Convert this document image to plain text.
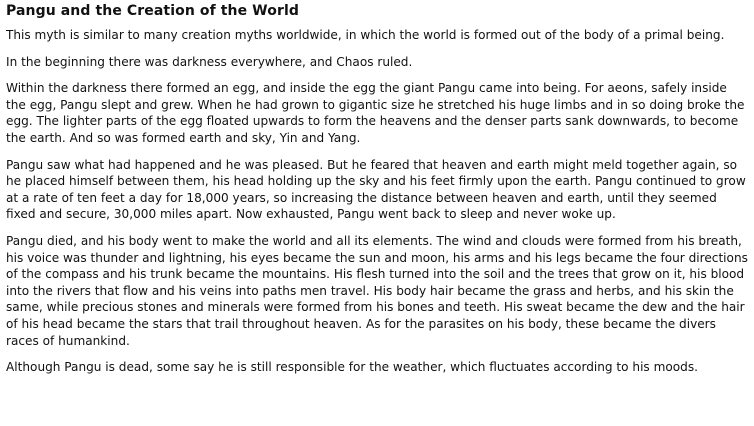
Pangu and the Creation of the World

This myth is similar to many creation myths worldwide, in which the world is formed out of the body of a primal being.

In the beginning there was darkness everywhere, and Chaos ruled.

Within the darkness there formed an egg, and inside the egg the giant Pangu came into being. For aeons, safely inside the egg, Pangu slept and grew. When he had grown to gigantic size he stretched his huge limbs and in so doing broke the egg. The lighter parts of the egg floated upwards to form the heavens and the denser parts sank downwards, to become the earth. And so was formed earth and sky, Yin and Yang.

Pangu saw what had happened and he was pleased. But he feared that heaven and earth might meld together again, so he placed himself between them, his head holding up the sky and his feet firmly upon the earth. Pangu continued to grow at a rate of ten feet a day for 18,000 years, so increasing the distance between heaven and earth, until they seemed fixed and secure, 30,000 miles apart. Now exhausted, Pangu went back to sleep and never woke up.

Pangu died, and his body went to make the world and all its elements. The wind and clouds were formed from his breath, his voice was thunder and lightning, his eyes became the sun and moon, his arms and his legs became the four directions of the compass and his trunk became the mountains. His flesh turned into the soil and the trees that grow on it, his blood into the rivers that flow and his veins into paths men travel. His body hair became the grass and herbs, and his skin the same, while precious stones and minerals were formed from his bones and teeth. His sweat became the dew and the hair of his head became the stars that trail throughout heaven. As for the parasites on his body, these became the divers races of humankind.

Although Pangu is dead, some say he is still responsible for the weather, which fluctuates according to his moods.
